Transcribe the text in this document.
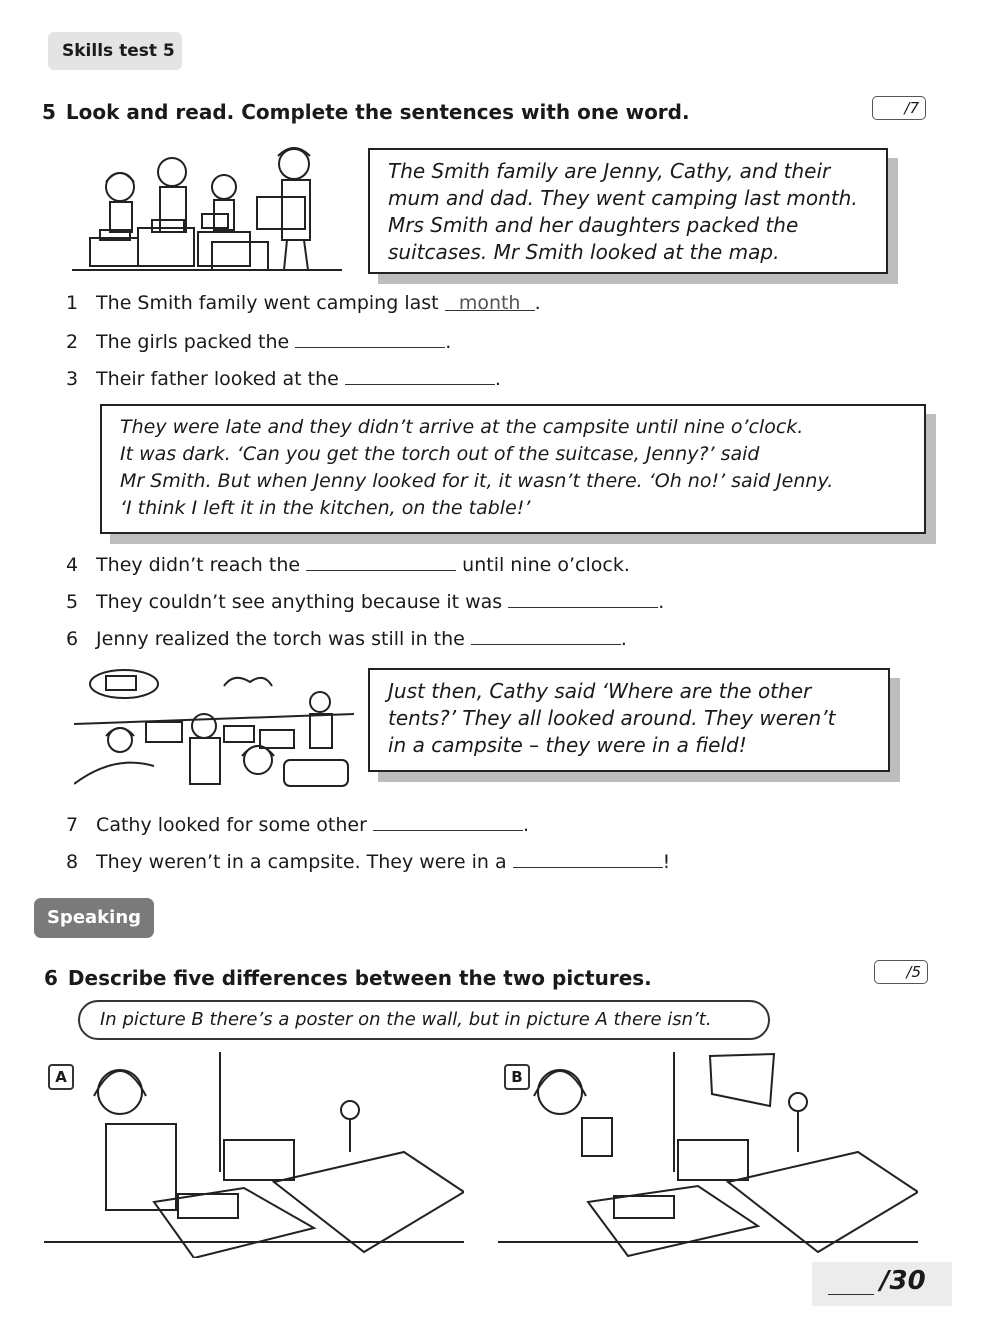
Skills test 5
5 Look and read. Complete the sentences with one word.	/7
The Smith family are Jenny, Cathy, and their
mum and dad. They went camping last month.
Mrs Smith and her daughters packed the
suitcases. Mr Smith looked at the map.
1 The Smith family went camping last month .
2 The girls packed the	.
3 Their father looked at the	.
They were late and they didn’t arrive at the campsite until nine o’clock.
It was dark. ‘Can you get the torch out of the suitcase, Jenny?’ said
Mr Smith. But when Jenny looked for it, it wasn’t there. ‘Oh no!’ said Jenny.
‘I think I left it in the kitchen, on the table!’
4 They didn’t reach the	until nine o’clock.
5 They couldn’t see anything because it was	.
6 Jenny realized the torch was still in the	.
Just then, Cathy said ‘Where are the other
tents?’ They all looked around. They weren’t
in a campsite – they were in a field!
7 Cathy looked for some other	.
8 They weren’t in a campsite. They were in a	!
Speaking
6 Describe five differences between the two pictures.	/5
In picture B there’s a poster on the wall, but in picture A there isn’t.
A	B
/30
